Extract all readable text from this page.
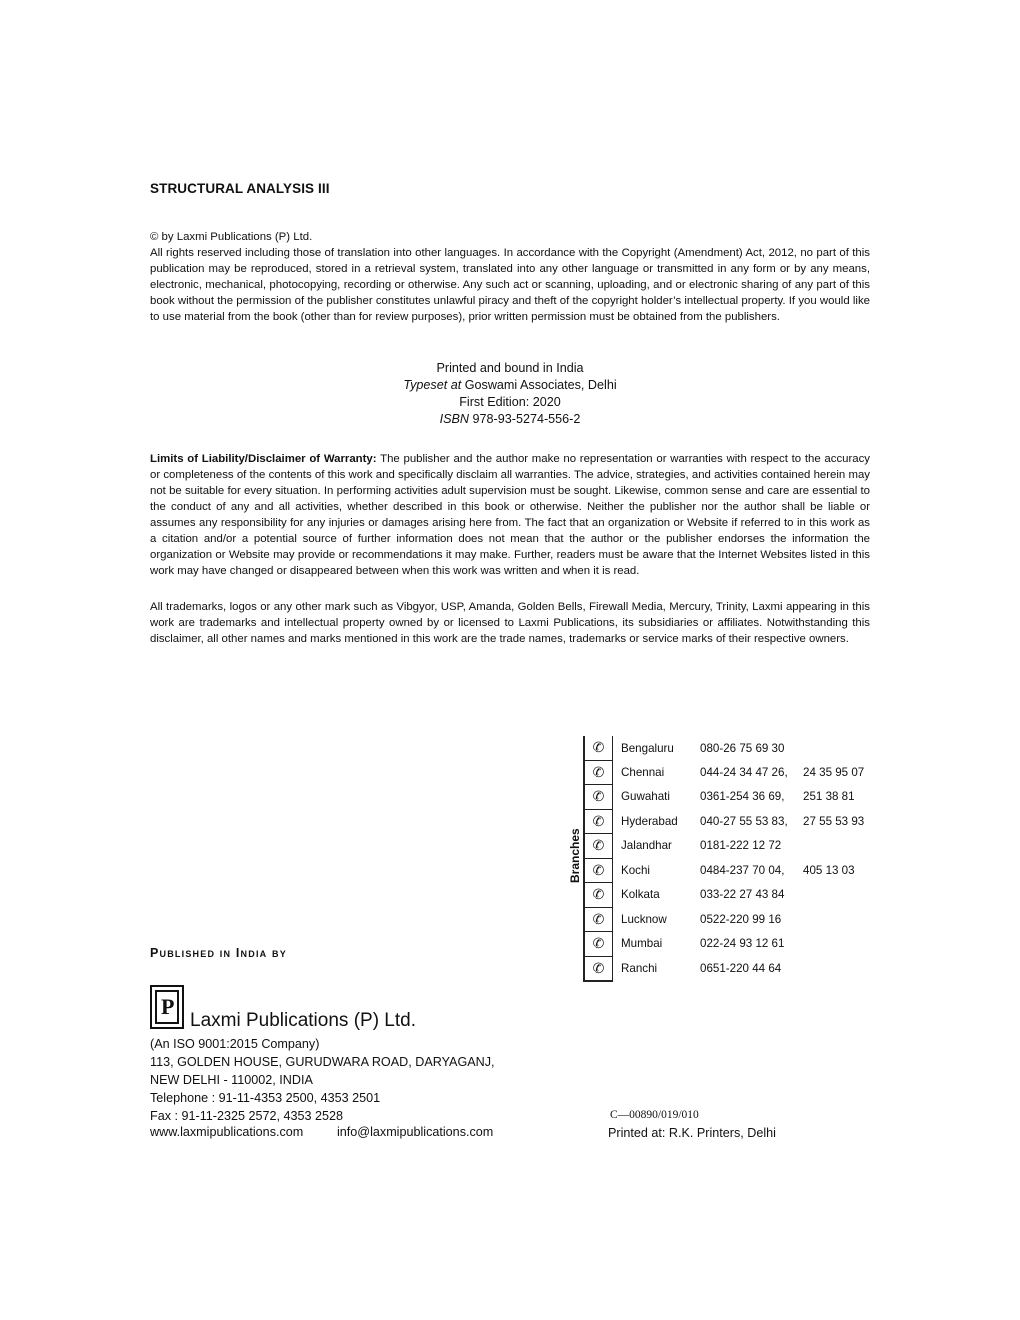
STRUCTURAL ANALYSIS III
© by Laxmi Publications (P) Ltd.
All rights reserved including those of translation into other languages. In accordance with the Copyright (Amendment) Act, 2012, no part of this publication may be reproduced, stored in a retrieval system, translated into any other language or transmitted in any form or by any means, electronic, mechanical, photocopying, recording or otherwise. Any such act or scanning, uploading, and or electronic sharing of any part of this book without the permission of the publisher constitutes unlawful piracy and theft of the copyright holder’s intellectual property. If you would like to use material from the book (other than for review purposes), prior written permission must be obtained from the publishers.
Printed and bound in India
Typeset at Goswami Associates, Delhi
First Edition: 2020
ISBN 978-93-5274-556-2
Limits of Liability/Disclaimer of Warranty: The publisher and the author make no representation or warranties with respect to the accuracy or completeness of the contents of this work and specifically disclaim all warranties. The advice, strategies, and activities contained herein may not be suitable for every situation. In performing activities adult supervision must be sought. Likewise, common sense and care are essential to the conduct of any and all activities, whether described in this book or otherwise. Neither the publisher nor the author shall be liable or assumes any responsibility for any injuries or damages arising here from. The fact that an organization or Website if referred to in this work as a citation and/or a potential source of further information does not mean that the author or the publisher endorses the information the organization or Website may provide or recommendations it may make. Further, readers must be aware that the Internet Websites listed in this work may have changed or disappeared between when this work was written and when it is read.
All trademarks, logos or any other mark such as Vibgyor, USP, Amanda, Golden Bells, Firewall Media, Mercury, Trinity, Laxmi appearing in this work are trademarks and intellectual property owned by or licensed to Laxmi Publications, its subsidiaries or affiliates. Notwithstanding this disclaimer, all other names and marks mentioned in this work are the trade names, trademarks or service marks of their respective owners.
Branches
✆	Bengaluru	080-26 75 69 30	
✆	Chennai	044-24 34 47 26,	24 35 95 07
✆	Guwahati	0361-254 36 69,	251 38 81
✆	Hyderabad	040-27 55 53 83,	27 55 53 93
✆	Jalandhar	0181-222 12 72	
✆	Kochi	0484-237 70 04,	405 13 03
✆	Kolkata	033-22 27 43 84	
✆	Lucknow	0522-220 99 16	
✆	Mumbai	022-24 93 12 61	
✆	Ranchi	0651-220 44 64	
Published in India by
P
Laxmi Publications (P) Ltd.
(An ISO 9001:2015 Company)
113, GOLDEN HOUSE, GURUDWARA ROAD, DARYAGANJ,
NEW DELHI - 110002, INDIA
Telephone : 91-11-4353 2500, 4353 2501
Fax : 91-11-2325 2572, 4353 2528
www.laxmipublications.com	info@laxmipublications.com
C—00890/019/010
Printed at: R.K. Printers, Delhi
